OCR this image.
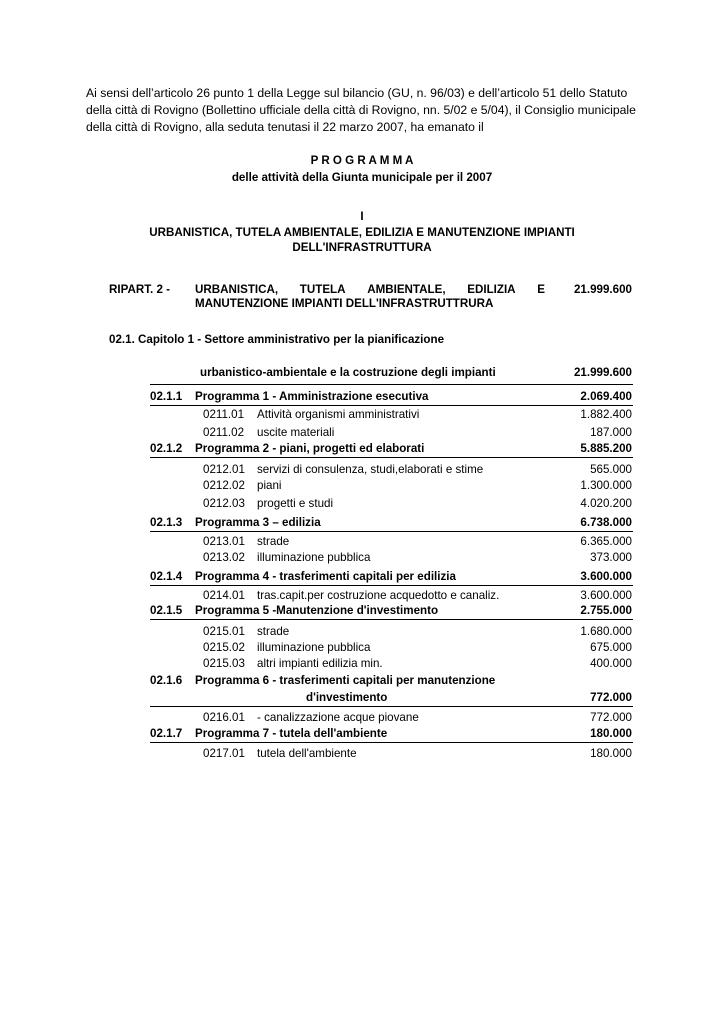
Ai sensi dell’articolo 26 punto 1 della Legge sul bilancio (GU, n. 96/03) e dell’articolo 51 dello Statuto
della città di Rovigno (Bollettino ufficiale della città di Rovigno, nn. 5/02 e 5/04), il Consiglio municipale
della città di Rovigno, alla seduta tenutasi il 22 marzo 2007, ha emanato il
P R O G R A M M A
delle attività della Giunta municipale per il 2007
I
URBANISTICA, TUTELA AMBIENTALE, EDILIZIA E MANUTENZIONE IMPIANTI
DELL'INFRASTRUTTURA
RIPART. 2 - URBANISTICA, TUTELA AMBIENTALE, EDILIZIA E
MANUTENZIONE IMPIANTI DELL'INFRASTRUTTRURA
21.999.600
02.1. Capitolo 1 - Settore amministrativo per la pianificazione
urbanistico-ambientale e la costruzione degli impianti	21.999.600
02.1.1 Programma 1 - Amministrazione esecutiva	2.069.400
0211.01 Attività organismi amministrativi	1.882.400
0211.02 uscite materiali	187.000
02.1.2 Programma 2 - piani, progetti ed elaborati	5.885.200
0212.01 servizi di consulenza, studi,elaborati e stime	565.000
0212.02 piani	1.300.000
0212.03 progetti e studi	4.020.200
02.1.3 Programma 3 – edilizia	6.738.000
0213.01 strade	6.365.000
0213.02 illuminazione pubblica	373.000
02.1.4 Programma 4 - trasferimenti capitali per edilizia	3.600.000
0214.01 tras.capit.per costruzione acquedotto e canaliz.	3.600.000
02.1.5 Programma 5 -Manutenzione d'investimento	2.755.000
0215.01 strade	1.680.000
0215.02 illuminazione pubblica	675.000
0215.03 altri impianti edilizia min.	400.000
02.1.6 Programma 6 - trasferimenti capitali per manutenzione
d'investimento	772.000
0216.01 - canalizzazione acque piovane	772.000
02.1.7 Programma 7 - tutela dell'ambiente	180.000
0217.01 tutela dell'ambiente	180.000
